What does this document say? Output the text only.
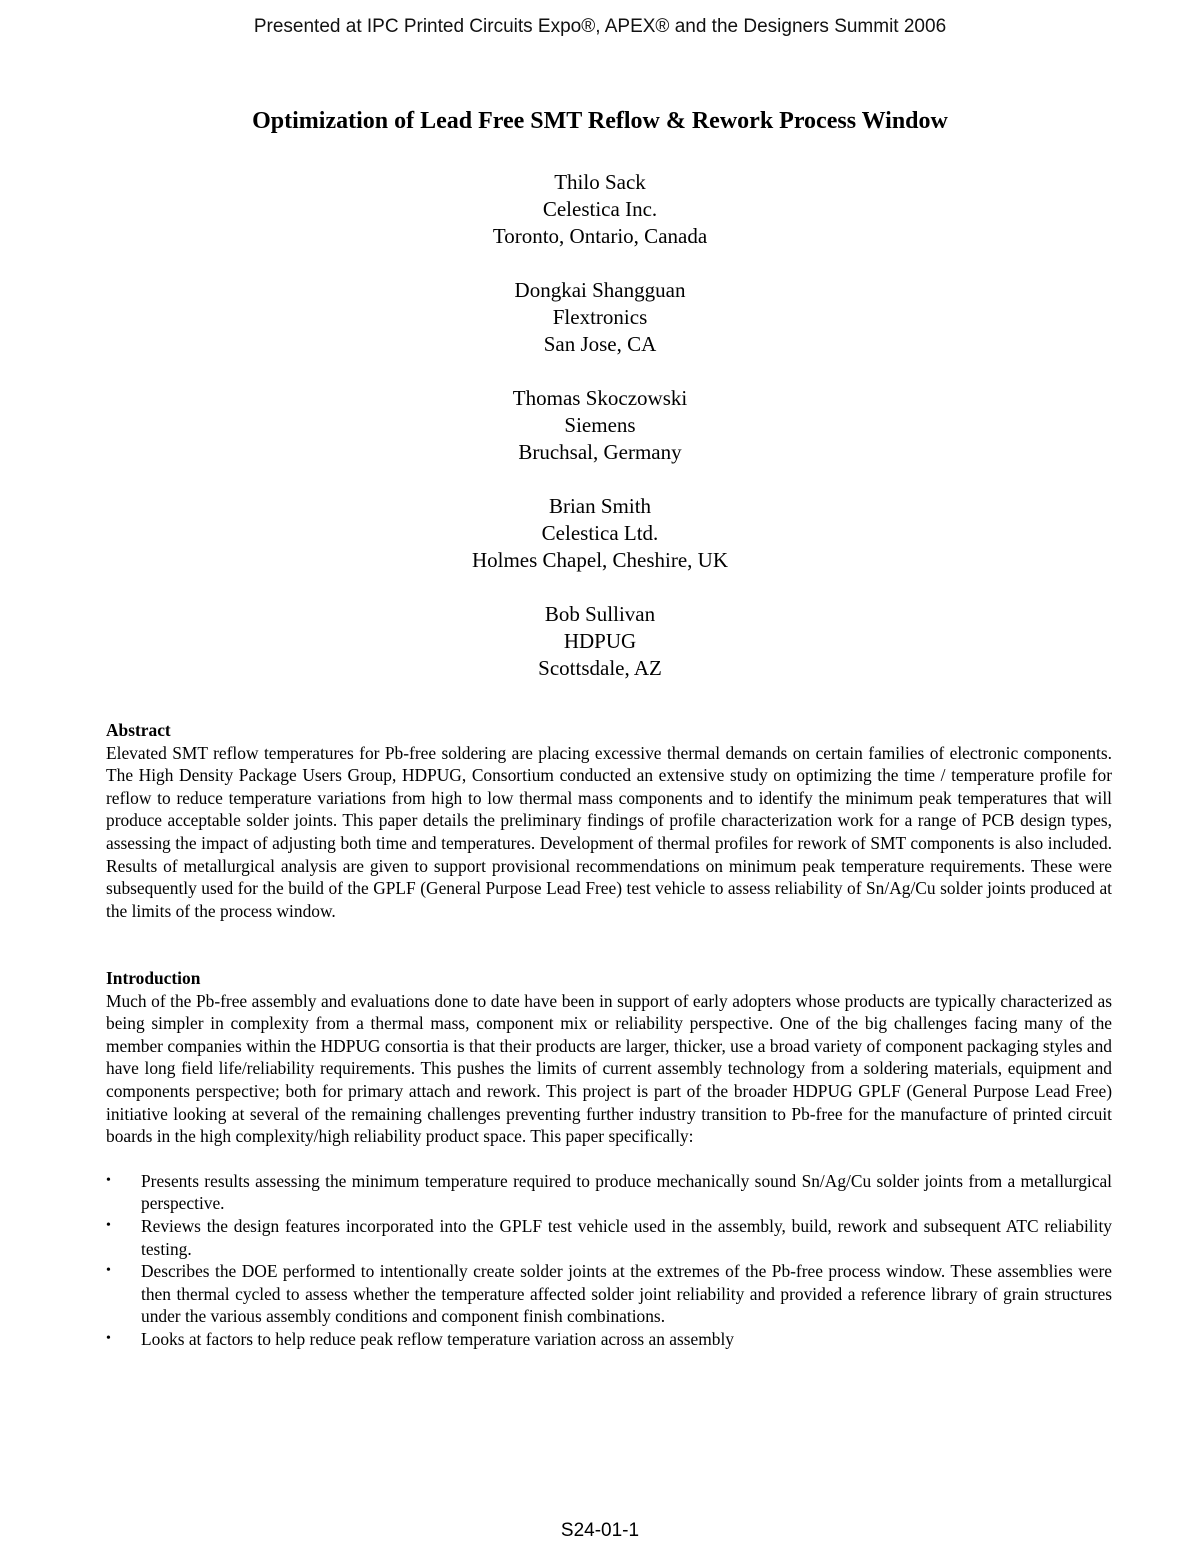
Presented at IPC Printed Circuits Expo®, APEX® and the Designers Summit 2006
Optimization of Lead Free SMT Reflow & Rework Process Window
Thilo Sack
Celestica Inc.
Toronto, Ontario, Canada
Dongkai Shangguan
Flextronics
San Jose, CA
Thomas Skoczowski
Siemens
Bruchsal, Germany
Brian Smith
Celestica Ltd.
Holmes Chapel, Cheshire, UK
Bob Sullivan
HDPUG
Scottsdale, AZ
Abstract

Elevated SMT reflow temperatures for Pb-free soldering are placing excessive thermal demands on certain families of electronic components. The High Density Package Users Group, HDPUG, Consortium conducted an extensive study on optimizing the time / temperature profile for reflow to reduce temperature variations from high to low thermal mass components and to identify the minimum peak temperatures that will produce acceptable solder joints. This paper details the preliminary findings of profile characterization work for a range of PCB design types, assessing the impact of adjusting both time and temperatures. Development of thermal profiles for rework of SMT components is also included. Results of metallurgical analysis are given to support provisional recommendations on minimum peak temperature requirements. These were subsequently used for the build of the GPLF (General Purpose Lead Free) test vehicle to assess reliability of Sn/Ag/Cu solder joints produced at the limits of the process window.

Introduction

Much of the Pb-free assembly and evaluations done to date have been in support of early adopters whose products are typically characterized as being simpler in complexity from a thermal mass, component mix or reliability perspective. One of the big challenges facing many of the member companies within the HDPUG consortia is that their products are larger, thicker, use a broad variety of component packaging styles and have long field life/reliability requirements. This pushes the limits of current assembly technology from a soldering materials, equipment and components perspective; both for primary attach and rework. This project is part of the broader HDPUG GPLF (General Purpose Lead Free) initiative looking at several of the remaining challenges preventing further industry transition to Pb-free for the manufacture of printed circuit boards in the high complexity/high reliability product space. This paper specifically:

• Presents results assessing the minimum temperature required to produce mechanically sound Sn/Ag/Cu solder joints from a metallurgical perspective.
• Reviews the design features incorporated into the GPLF test vehicle used in the assembly, build, rework and subsequent ATC reliability testing.
• Describes the DOE performed to intentionally create solder joints at the extremes of the Pb-free process window. These assemblies were then thermal cycled to assess whether the temperature affected solder joint reliability and provided a reference library of grain structures under the various assembly conditions and component finish combinations.
• Looks at factors to help reduce peak reflow temperature variation across an assembly
S24-01-1
